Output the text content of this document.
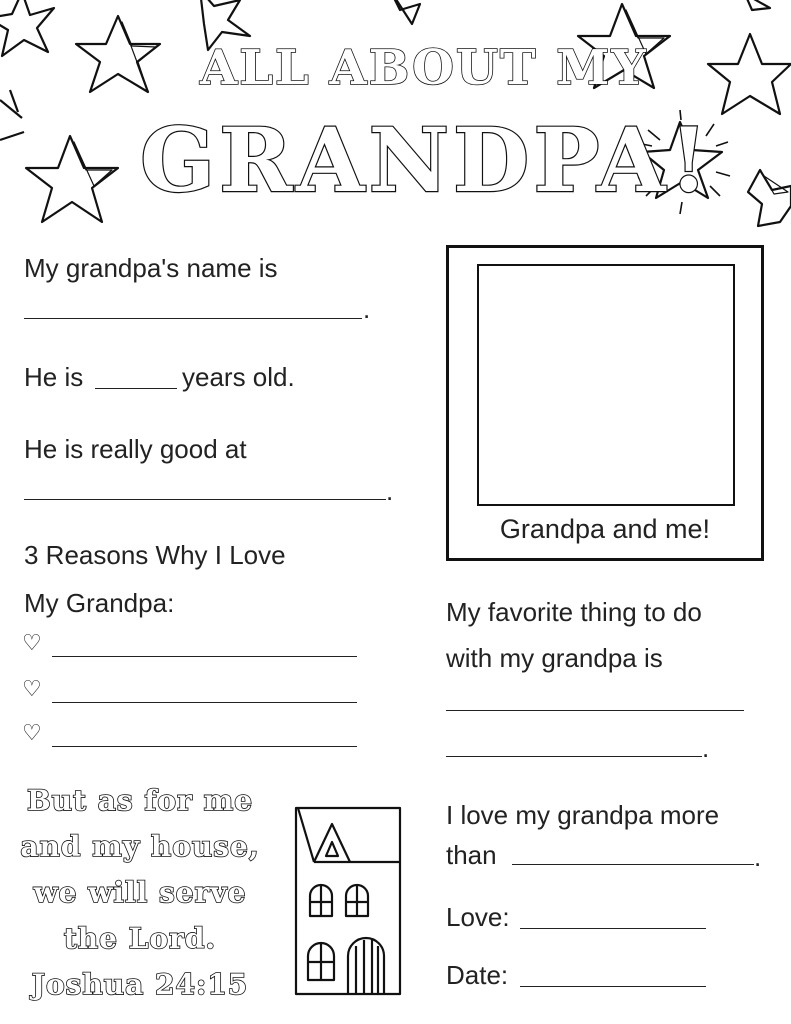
ALL ABOUT MY
GRANDPA!
My grandpa's name is
.
He is	years old.
He is really good at
.
3 Reasons Why I Love
My Grandpa:
♡
♡
♡
Grandpa and me!
My favorite thing to do
with my grandpa is
.
I love my grandpa more
than	.
Love:
Date:
But as for me
and my house,
we will serve
the Lord.
Joshua 24:15
